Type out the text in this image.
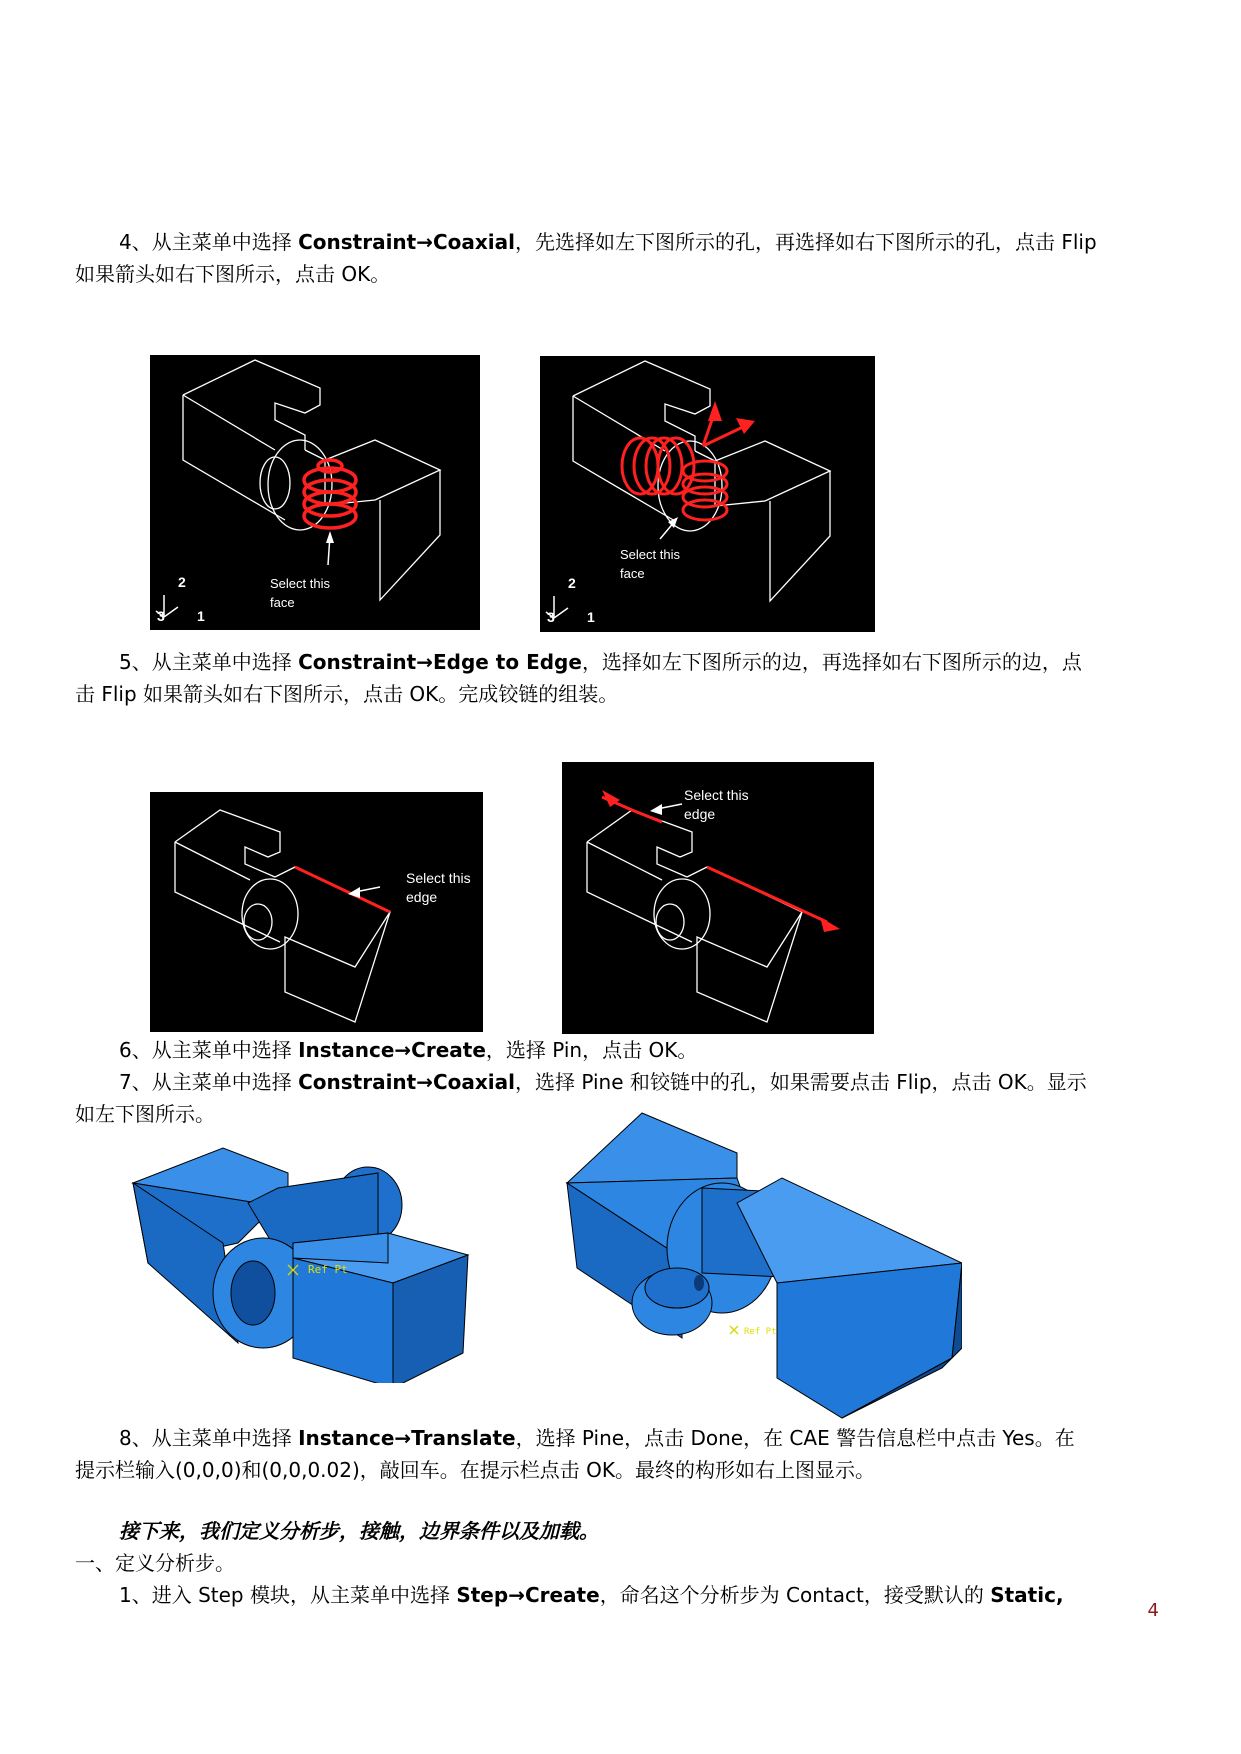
4、从主菜单中选择 Constraint→Coaxial，先选择如左下图所示的孔，再选择如右下图所示的孔，点击 Flip
如果箭头如右下图所示，点击 OK。
Select this
face
2
3 1
Select this
face
2
3 1
5、从主菜单中选择 Constraint→Edge to Edge，选择如左下图所示的边，再选择如右下图所示的边，点
击 Flip 如果箭头如右下图所示，点击 OK。完成铰链的组装。
Select this
edge
Select this
edge
6、从主菜单中选择 Instance→Create，选择 Pin，点击 OK。
7、从主菜单中选择 Constraint→Coaxial，选择 Pine 和铰链中的孔，如果需要点击 Flip，点击 OK。显示
如左下图所示。
Ref Pt
Ref Pt
8、从主菜单中选择 Instance→Translate，选择 Pine，点击 Done，在 CAE 警告信息栏中点击 Yes。在
提示栏输入(0,0,0)和(0,0,0.02)，敲回车。在提示栏点击 OK。最终的构形如右上图显示。
接下来，我们定义分析步，接触，边界条件以及加载。
一、定义分析步。
1、进入 Step 模块，从主菜单中选择 Step→Create，命名这个分析步为 Contact，接受默认的 Static,
4
